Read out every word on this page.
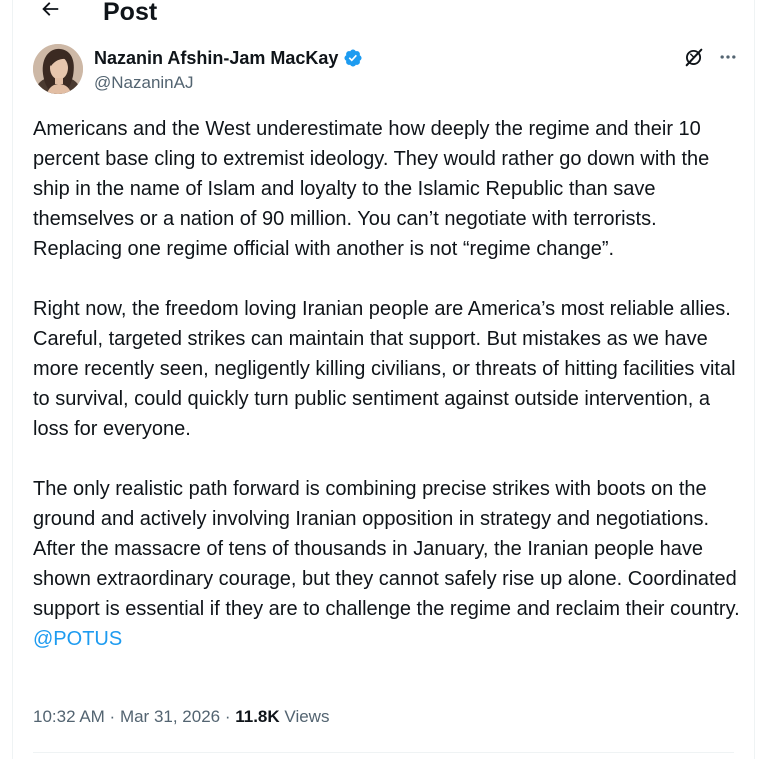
Post
Nazanin Afshin-Jam MacKay
@NazaninAJ

Americans and the West underestimate how deeply the regime and their 10 percent base cling to extremist ideology. They would rather go down with the ship in the name of Islam and loyalty to the Islamic Republic than save themselves or a nation of 90 million. You can’t negotiate with terrorists. Replacing one regime official with another is not “regime change”.

Right now, the freedom loving Iranian people are America’s most reliable allies. Careful, targeted strikes can maintain that support. But mistakes as we have more recently seen, negligently killing civilians, or threats of hitting facilities vital to survival, could quickly turn public sentiment against outside intervention, a loss for everyone.

The only realistic path forward is combining precise strikes with boots on the ground and actively involving Iranian opposition in strategy and negotiations. After the massacre of tens of thousands in January, the Iranian people have shown extraordinary courage, but they cannot safely rise up alone. Coordinated support is essential if they are to challenge the regime and reclaim their country. @POTUS

10:32 AM · Mar 31, 2026 · 11.8K Views
